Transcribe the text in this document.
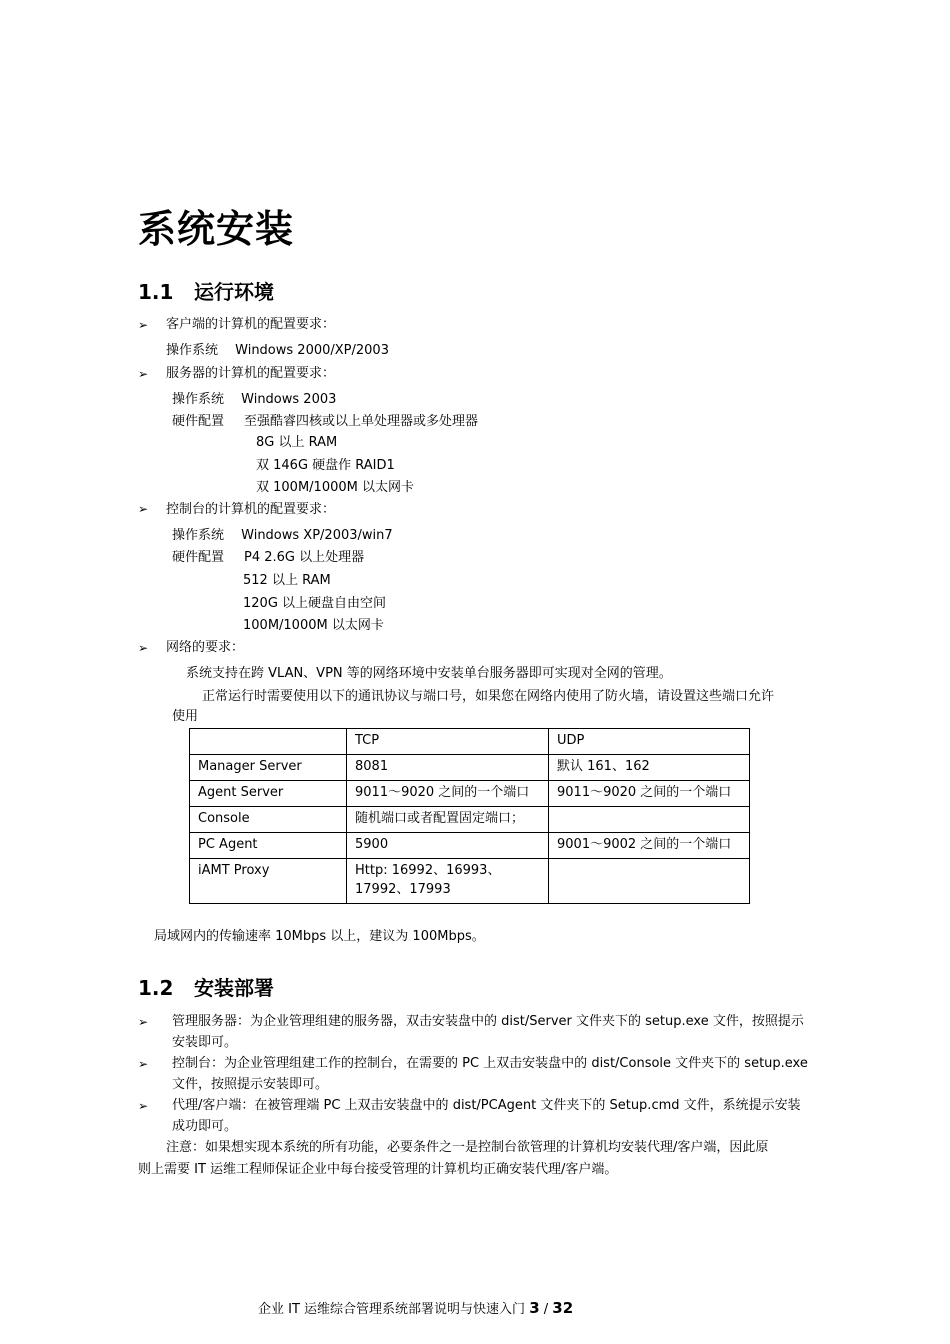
系统安装
1.1 运行环境
➢ 客户端的计算机的配置要求：
操作系统　 Windows 2000/XP/2003
➢ 服务器的计算机的配置要求：
操作系统　 Windows 2003
硬件配置 至强酷睿四核或以上单处理器或多处理器
8G 以上 RAM
双 146G 硬盘作 RAID1
双 100M/1000M 以太网卡
➢ 控制台的计算机的配置要求：
操作系统　 Windows XP/2003/win7
硬件配置 P4 2.6G 以上处理器
512 以上 RAM
120G 以上硬盘自由空间
100M/1000M 以太网卡
➢ 网络的要求：
系统支持在跨 VLAN、VPN 等的网络环境中安装单台服务器即可实现对全网的管理。
正常运行时需要使用以下的通讯协议与端口号，如果您在网络内使用了防火墙，请设置这些端口允许
使用
	TCP	UDP
Manager Server	8081	默认 161、162
Agent Server	9011～9020 之间的一个端口	9011～9020 之间的一个端口
Console	随机端口或者配置固定端口；	
PC Agent	5900	9001～9002 之间的一个端口
iAMT Proxy	Http: 16992、16993、17992、17993	
局域网内的传输速率 10Mbps 以上，建议为 100Mbps。
1.2 安装部署
➢ 管理服务器：为企业管理组建的服务器，双击安装盘中的 dist/Server 文件夹下的 setup.exe 文件，按照提示
安装即可。
➢ 控制台：为企业管理组建工作的控制台，在需要的 PC 上双击安装盘中的 dist/Console 文件夹下的 setup.exe
文件，按照提示安装即可。
➢ 代理/客户端：在被管理端 PC 上双击安装盘中的 dist/PCAgent 文件夹下的 Setup.cmd 文件，系统提示安装
成功即可。
注意：如果想实现本系统的所有功能，必要条件之一是控制台欲管理的计算机均安装代理/客户端，因此原
则上需要 IT 运维工程师保证企业中每台接受管理的计算机均正确安装代理/客户端。
企业 IT 运维综合管理系统部署说明与快速入门 3 / 32
